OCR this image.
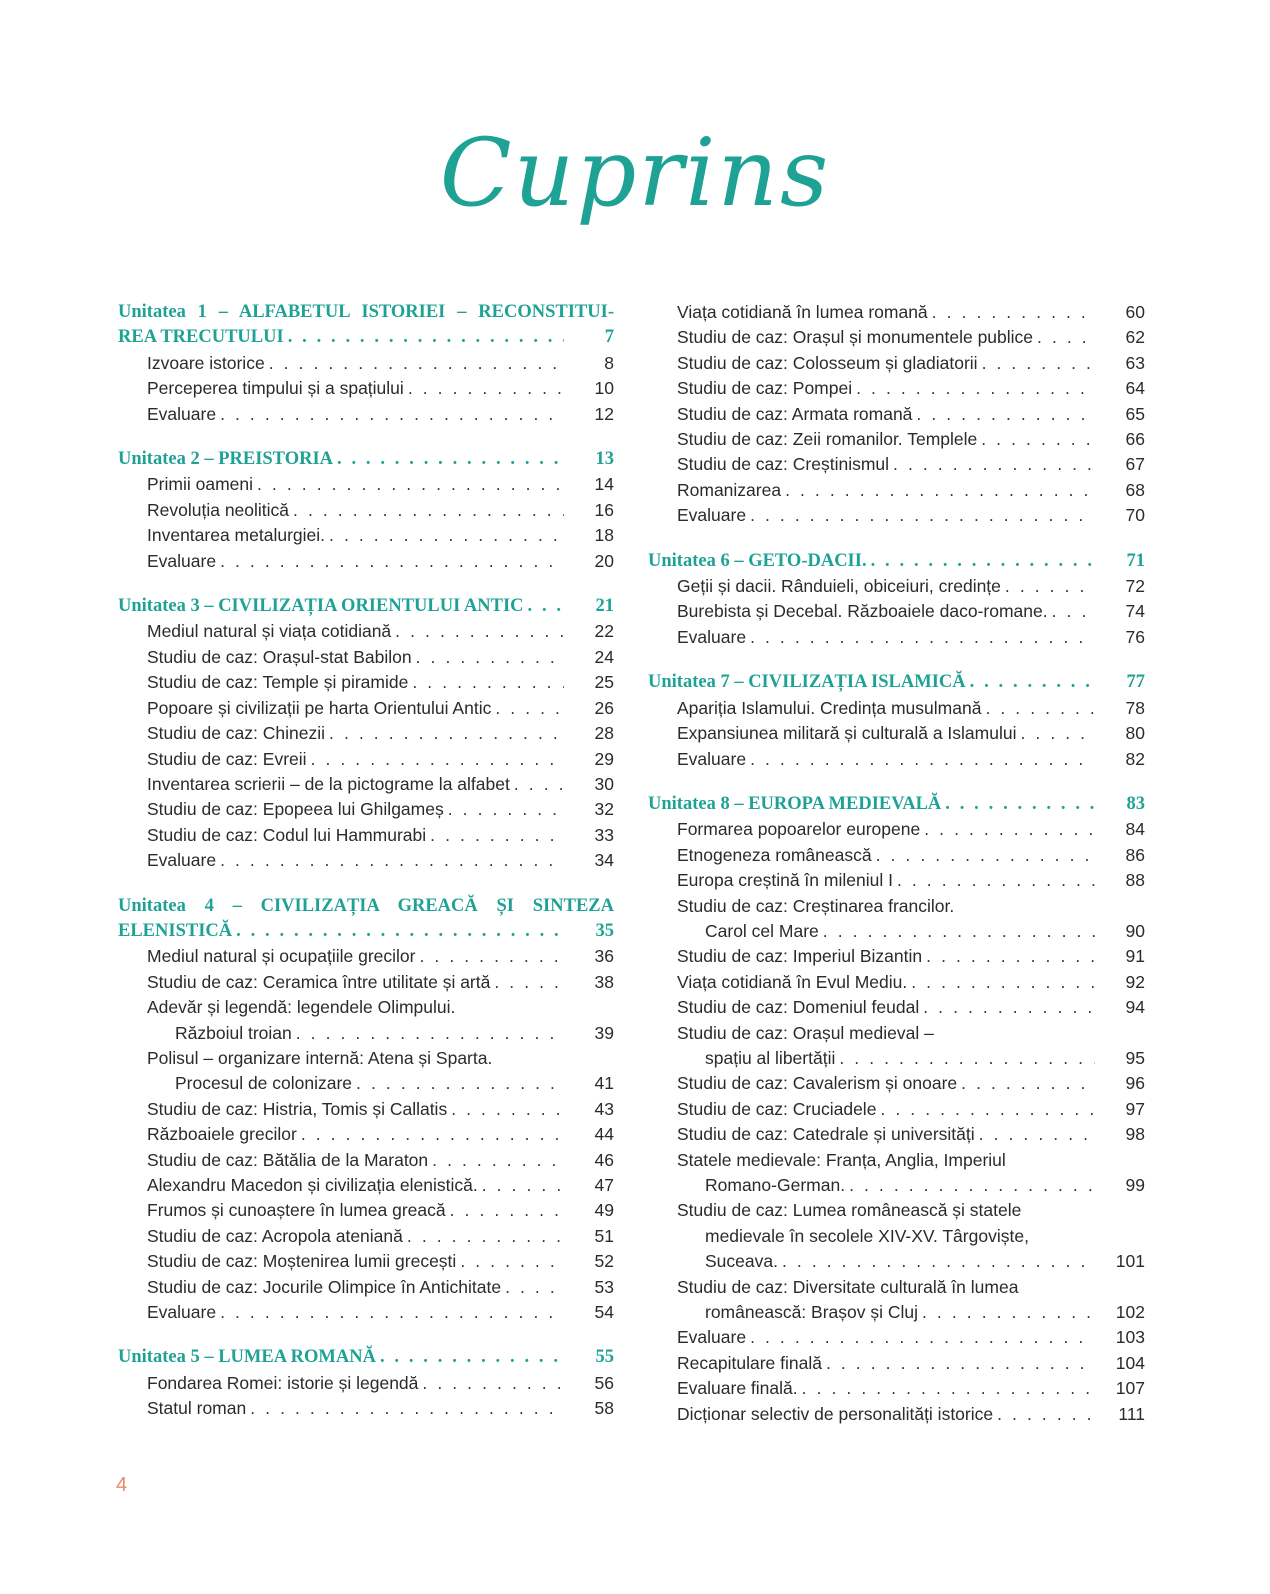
Cuprins
Unitatea 1 – ALFABETUL ISTORIEI – RECONSTITUI-
REA TRECUTULUI . . .	7
Izvoare istorice . . .	8
Perceperea timpului și a spațiului . . .	10
Evaluare . . .	12
Unitatea 2 – PREISTORIA . . .	13
Primii oameni . . .	14
Revoluția neolitică . . .	16
Inventarea metalurgiei. . . .	18
Evaluare . . .	20
Unitatea 3 – CIVILIZAȚIA ORIENTULUI ANTIC . . .	21
Mediul natural și viața cotidiană . . .	22
Studiu de caz: Orașul-stat Babilon . . .	24
Studiu de caz: Temple și piramide . . .	25
Popoare și civilizații pe harta Orientului Antic . . .	26
Studiu de caz: Chinezii . . .	28
Studiu de caz: Evreii . . .	29
Inventarea scrierii – de la pictograme la alfabet . . .	30
Studiu de caz: Epopeea lui Ghilgameș . . .	32
Studiu de caz: Codul lui Hammurabi . . .	33
Evaluare . . .	34
Unitatea 4 – CIVILIZAȚIA GREACĂ ȘI SINTEZA
ELENISTICĂ . . .	35
Mediul natural și ocupațiile grecilor . . .	36
Studiu de caz: Ceramica între utilitate și artă . . .	38
Adevăr și legendă: legendele Olimpului.
Războiul troian . . .	39
Polisul – organizare internă: Atena și Sparta.
Procesul de colonizare . . .	41
Studiu de caz: Histria, Tomis și Callatis . . .	43
Războaiele grecilor . . .	44
Studiu de caz: Bătălia de la Maraton . . .	46
Alexandru Macedon și civilizația elenistică. . . .	47
Frumos și cunoaștere în lumea greacă . . .	49
Studiu de caz: Acropola ateniană . . .	51
Studiu de caz: Moștenirea lumii grecești . . .	52
Studiu de caz: Jocurile Olimpice în Antichitate . . .	53
Evaluare . . .	54
Unitatea 5 – LUMEA ROMANĂ . . .	55
Fondarea Romei: istorie și legendă . . .	56
Statul roman . . .	58
Viața cotidiană în lumea romană . . .	60
Studiu de caz: Orașul și monumentele publice . . .	62
Studiu de caz: Colosseum și gladiatorii . . .	63
Studiu de caz: Pompei . . .	64
Studiu de caz: Armata romană . . .	65
Studiu de caz: Zeii romanilor. Templele . . .	66
Studiu de caz: Creștinismul . . .	67
Romanizarea . . .	68
Evaluare . . .	70
Unitatea 6 – GETO-DACII. . . .	71
Geții și dacii. Rânduieli, obiceiuri, credințe . . .	72
Burebista și Decebal. Războaiele daco-romane. . . .	74
Evaluare . . .	76
Unitatea 7 – CIVILIZAȚIA ISLAMICĂ . . .	77
Apariția Islamului. Credința musulmană . . .	78
Expansiunea militară și culturală a Islamului . . .	80
Evaluare . . .	82
Unitatea 8 – EUROPA MEDIEVALĂ . . .	83
Formarea popoarelor europene . . .	84
Etnogeneza românească . . .	86
Europa creștină în mileniul I . . .	88
Studiu de caz: Creștinarea francilor.
Carol cel Mare . . .	90
Studiu de caz: Imperiul Bizantin . . .	91
Viața cotidiană în Evul Mediu. . . .	92
Studiu de caz: Domeniul feudal . . .	94
Studiu de caz: Orașul medieval –
spațiu al libertății . . .	95
Studiu de caz: Cavalerism și onoare . . .	96
Studiu de caz: Cruciadele . . .	97
Studiu de caz: Catedrale și universități . . .	98
Statele medievale: Franța, Anglia, Imperiul
Romano-German. . . .	99
Studiu de caz: Lumea românească și statele
medievale în secolele XIV-XV. Târgoviște,
Suceava. . . .	101
Studiu de caz: Diversitate culturală în lumea
românească: Brașov și Cluj . . .	102
Evaluare . . .	103
Recapitulare finală . . .	104
Evaluare finală. . . .	107
Dicționar selectiv de personalități istorice . . .	111
4
